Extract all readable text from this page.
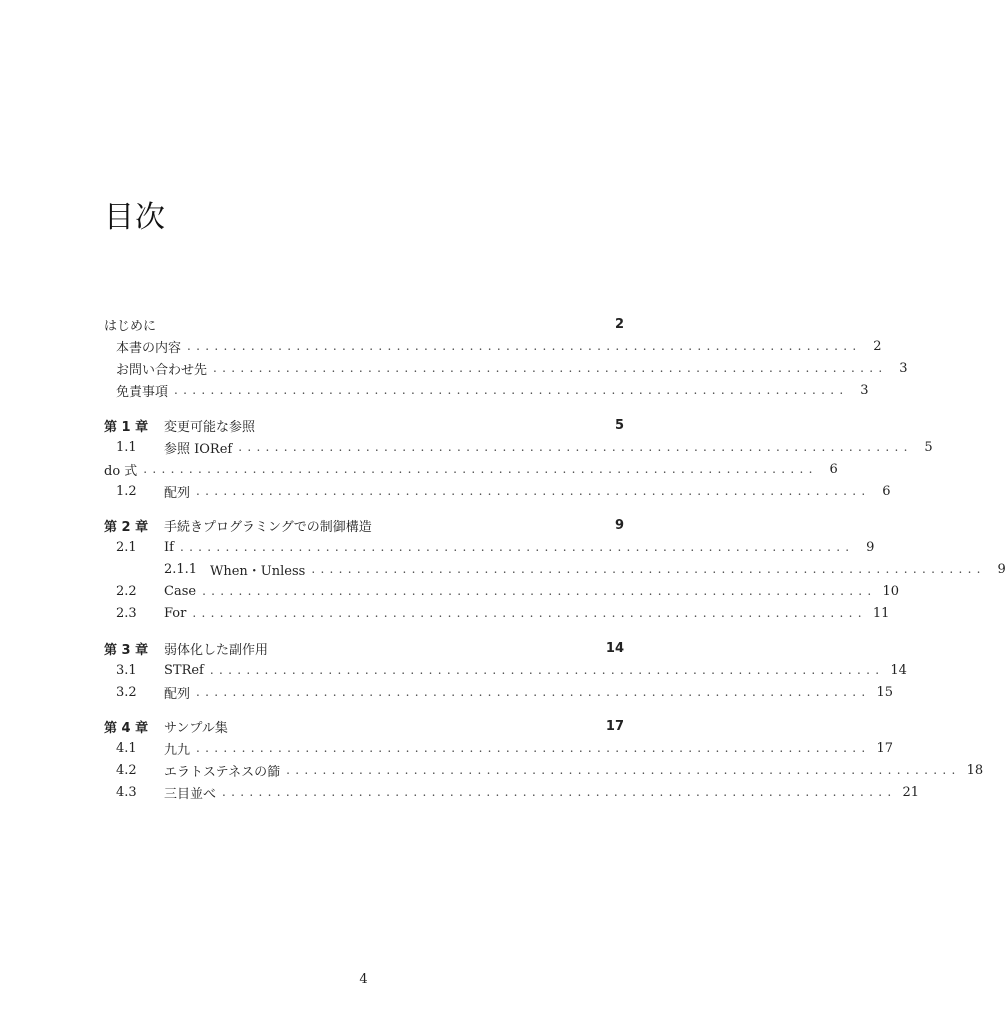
目次
はじめに	2
本書の内容 .......................................................................... 2
お問い合わせ先 .......................................................................... 3
免責事項 .......................................................................... 3
第 1 章	変更可能な参照	5
1.1	参照 IORef .......................................................................... 5
do 式 .......................................................................... 6
1.2	配列 .......................................................................... 6
第 2 章	手続きプログラミングでの制御構造	9
2.1	If .......................................................................... 9
2.1.1 When・Unless .......................................................................... 9
2.2	Case .......................................................................... 10
2.3	For .......................................................................... 11
第 3 章	弱体化した副作用	14
3.1	STRef .......................................................................... 14
3.2	配列 .......................................................................... 15
第 4 章	サンプル集	17
4.1	九九 .......................................................................... 17
4.2	エラトステネスの篩 .......................................................................... 18
4.3	三目並べ .......................................................................... 21
4
